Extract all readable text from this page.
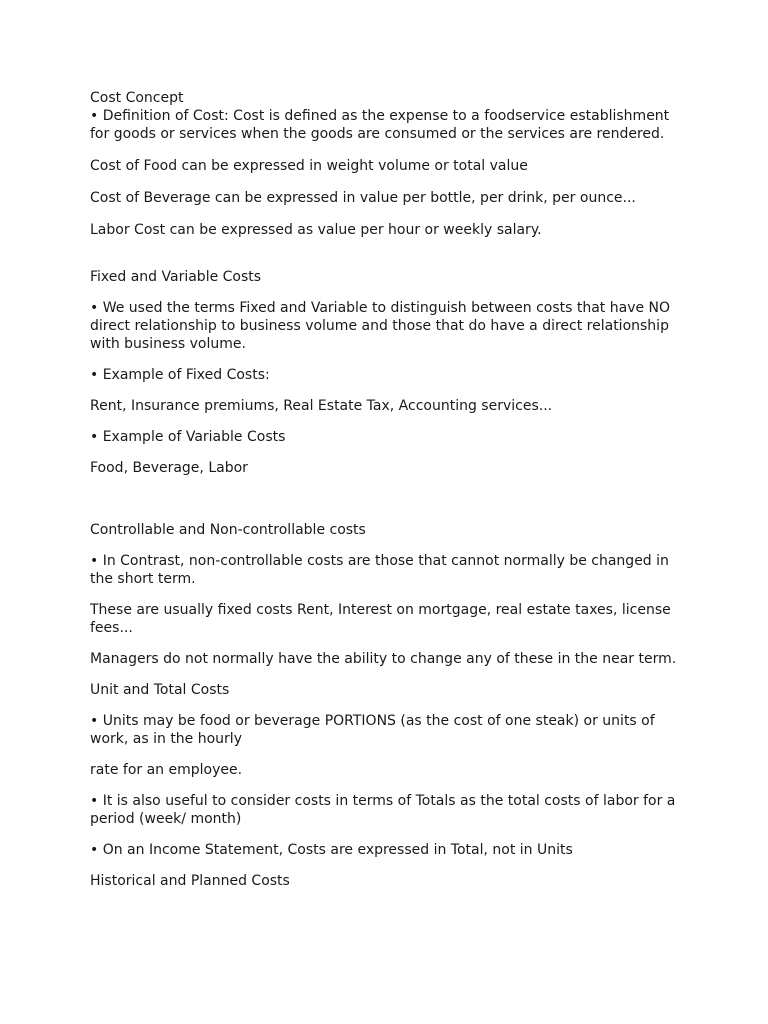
Cost Concept

• Definition of Cost: Cost is defined as the expense to a foodservice establishment for goods or services when the goods are consumed or the services are rendered.

Cost of Food can be expressed in weight volume or total value

Cost of Beverage can be expressed in value per bottle, per drink, per ounce...

Labor Cost can be expressed as value per hour or weekly salary.

Fixed and Variable Costs

• We used the terms Fixed and Variable to distinguish between costs that have NO direct relationship to business volume and those that do have a direct relationship with business volume.

• Example of Fixed Costs:

Rent, Insurance premiums, Real Estate Tax, Accounting services...

• Example of Variable Costs

Food, Beverage, Labor

Controllable and Non-controllable costs

• In Contrast, non-controllable costs are those that cannot normally be changed in the short term.

These are usually fixed costs Rent, Interest on mortgage, real estate taxes, license fees...

Managers do not normally have the ability to change any of these in the near term.

Unit and Total Costs

• Units may be food or beverage PORTIONS (as the cost of one steak) or units of work, as in the hourly

rate for an employee.

• It is also useful to consider costs in terms of Totals as the total costs of labor for a period (week/ month)

• On an Income Statement, Costs are expressed in Total, not in Units

Historical and Planned Costs
